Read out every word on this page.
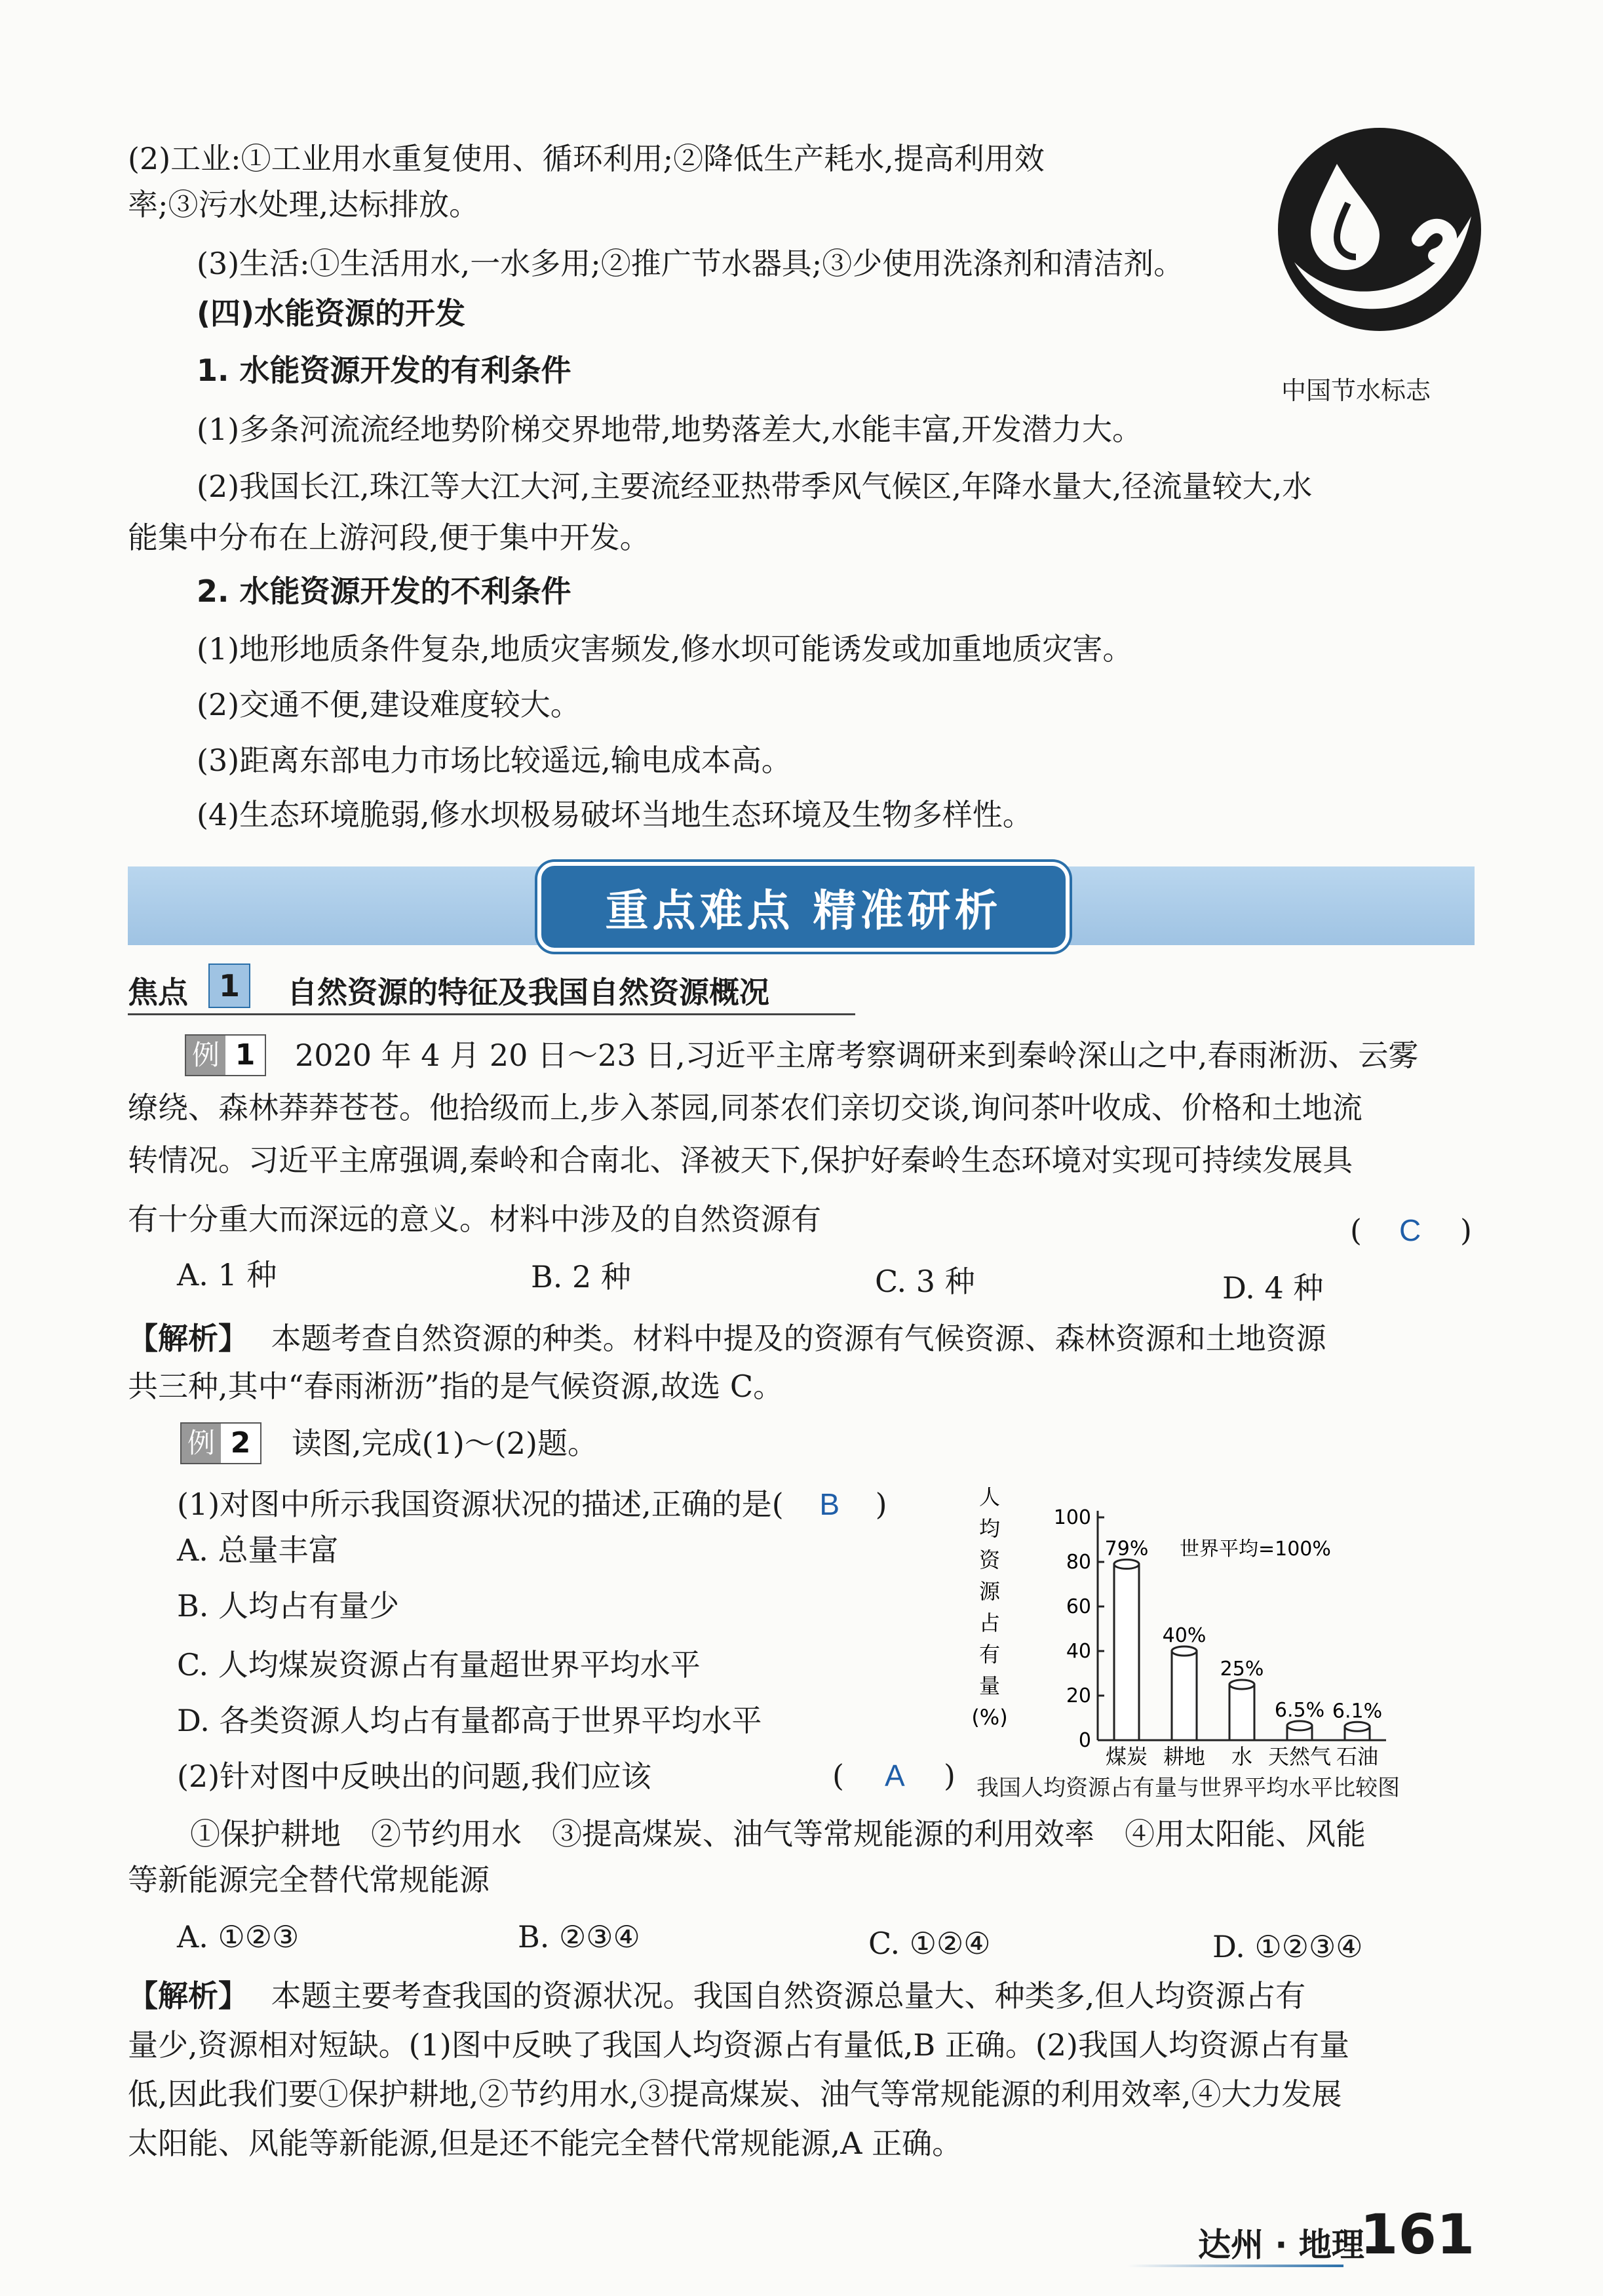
(2)工业:①工业用水重复使用、循环利用;②降低生产耗水,提高利用效
率;③污水处理,达标排放。
(3)生活:①生活用水,一水多用;②推广节水器具;③少使用洗涤剂和清洁剂。
(四)水能资源的开发
1. 水能资源开发的有利条件
(1)多条河流流经地势阶梯交界地带,地势落差大,水能丰富,开发潜力大。
(2)我国长江,珠江等大江大河,主要流经亚热带季风气候区,年降水量大,径流量较大,水
能集中分布在上游河段,便于集中开发。
2. 水能资源开发的不利条件
(1)地形地质条件复杂,地质灾害频发,修水坝可能诱发或加重地质灾害。
(2)交通不便,建设难度较大。
(3)距离东部电力市场比较遥远,输电成本高。
(4)生态环境脆弱,修水坝极易破坏当地生态环境及生物多样性。
中国节水标志
重点难点 精准研析
焦点	1	自然资源的特征及我国自然资源概况
例 1	2020 年 4 月 20 日～23 日,习近平主席考察调研来到秦岭深山之中,春雨淅沥、云雾
缭绕、森林莽莽苍苍。他拾级而上,步入茶园,同茶农们亲切交谈,询问茶叶收成、价格和土地流
转情况。习近平主席强调,秦岭和合南北、泽被天下,保护好秦岭生态环境对实现可持续发展具
有十分重大而深远的意义。材料中涉及的自然资源有	( C )
A. 1 种	B. 2 种	C. 3 种	D. 4 种
【解析】 本题考查自然资源的种类。材料中提及的资源有气候资源、森林资源和土地资源
共三种,其中“春雨淅沥”指的是气候资源,故选 C。
例 2	读图,完成(1)～(2)题。
(1)对图中所示我国资源状况的描述,正确的是( B )
A. 总量丰富
B. 人均占有量少
C. 人均煤炭资源占有量超世界平均水平
D. 各类资源人均占有量都高于世界平均水平
(2)针对图中反映出的问题,我们应该	( A )
①保护耕地　②节约用水　③提高煤炭、油气等常规能源的利用效率　④用太阳能、风能
等新能源完全替代常规能源
A. ①②③	B. ②③④	C. ①②④	D. ①②③④
【解析】 本题主要考查我国的资源状况。我国自然资源总量大、种类多,但人均资源占有
量少,资源相对短缺。(1)图中反映了我国人均资源占有量低,B 正确。(2)我国人均资源占有量
低,因此我们要①保护耕地,②节约用水,③提高煤炭、油气等常规能源的利用效率,④大力发展
太阳能、风能等新能源,但是还不能完全替代常规能源,A 正确。
人
均
资
源
占
有
量
(%)
0
20
40
60
80
100
79%
煤炭
40%
耕地
25%
水
6.5%
天然气
6.1%
石油
世界平均=100%
我国人均资源占有量与世界平均水平比较图
达州 · 地理
161
